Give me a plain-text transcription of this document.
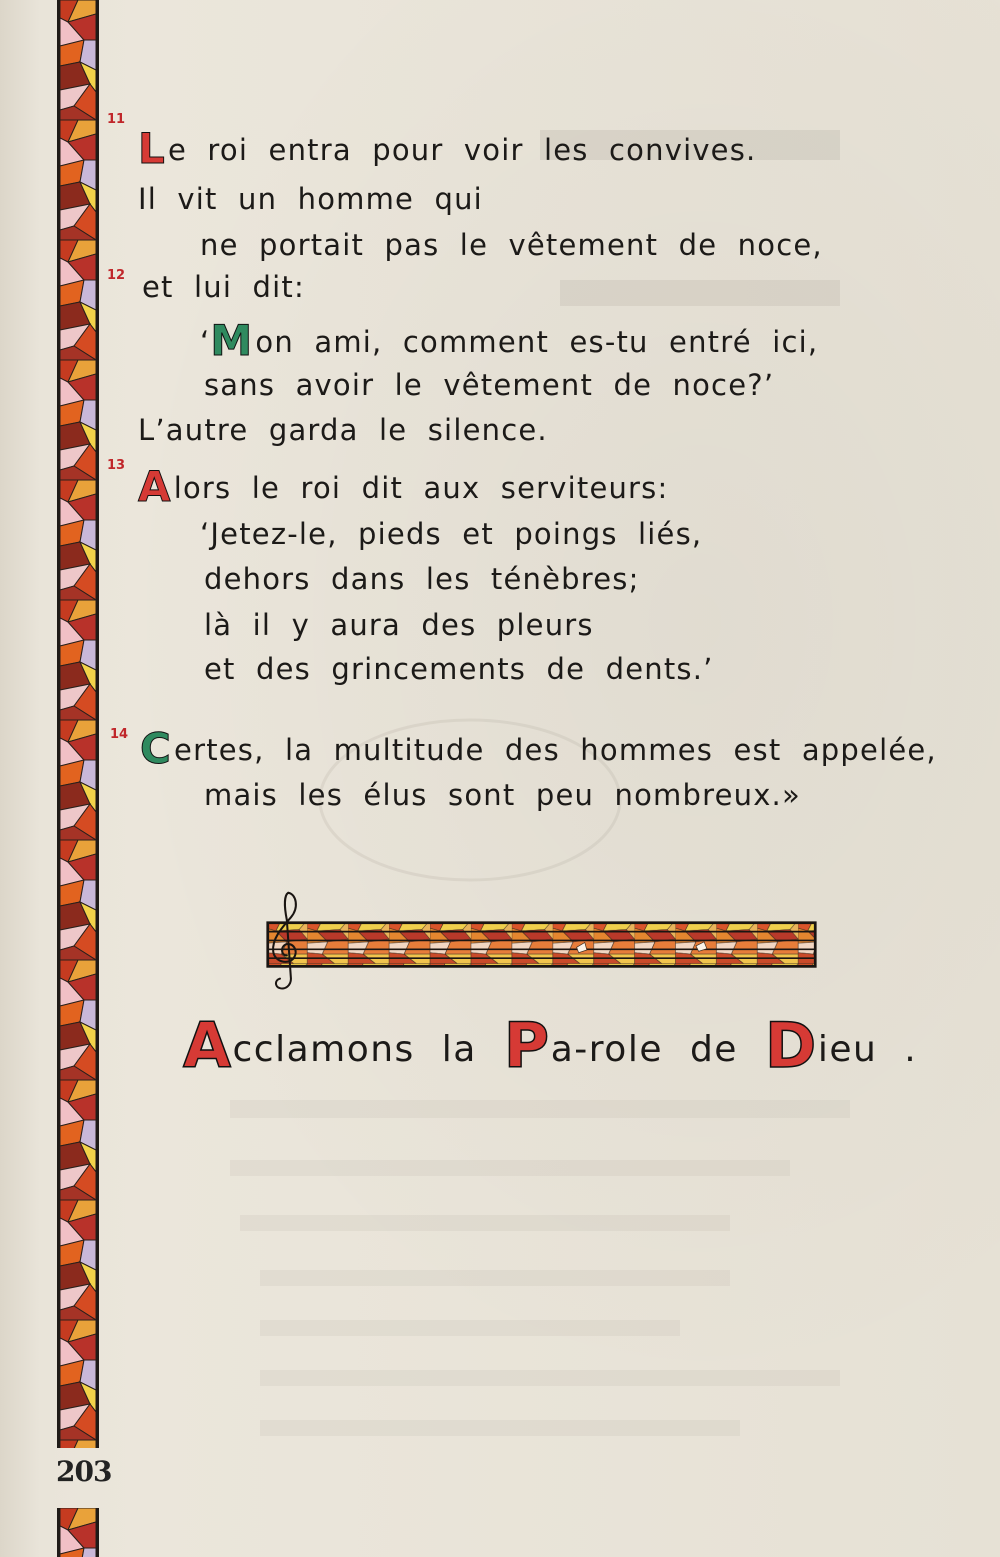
203
11
Le roi entra pour voir les convives.
Il vit un homme qui
ne portait pas le vêtement de noce,
12 et lui dit:
‘Mon ami, comment es-tu entré ici,
sans avoir le vêtement de noce?’
L’autre garda le silence.
13 Alors le roi dit aux serviteurs:
‘Jetez-le, pieds et poings liés,
dehors dans les ténèbres;
là il y aura des pleurs
et des grincements de dents.’
14 Certes, la multitude des hommes est appelée,
mais les élus sont peu nombreux.»
Acclamons la Pa-role de Dieu .
